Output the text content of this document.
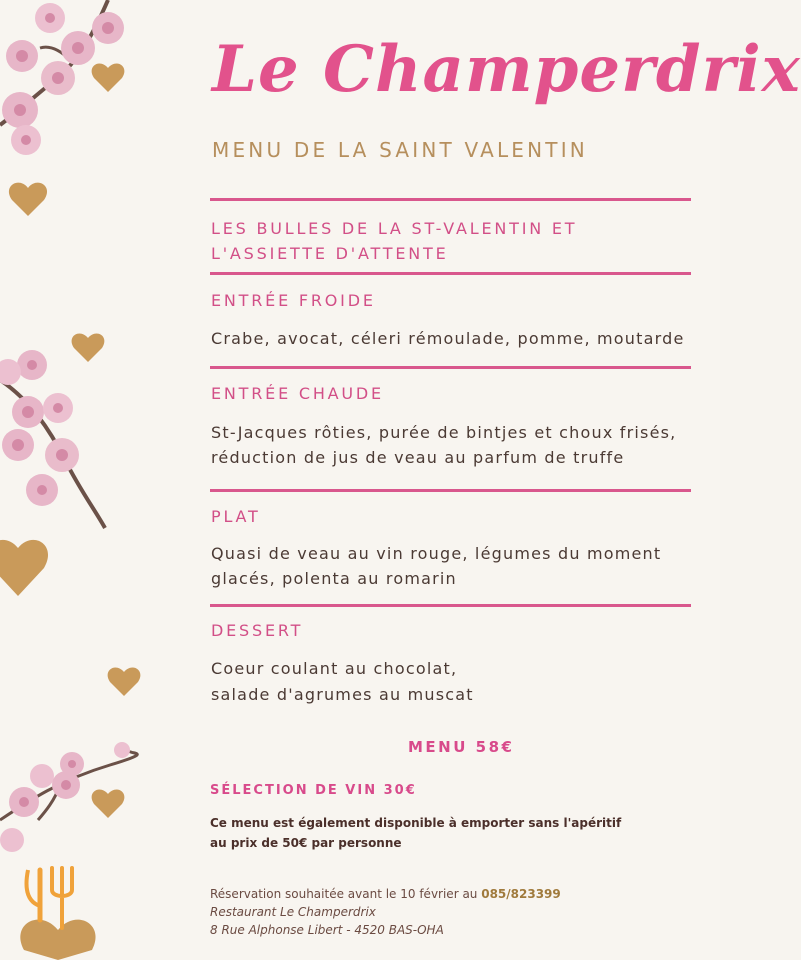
Le Champerdrix
MENU DE LA SAINT VALENTIN
LES BULLES DE LA ST-VALENTIN ET
L'ASSIETTE D'ATTENTE
ENTRÉE FROIDE
Crabe, avocat, céleri rémoulade, pomme, moutarde
ENTRÉE CHAUDE
St-Jacques rôties, purée de bintjes et choux frisés,
réduction de jus de veau au parfum de truffe
PLAT
Quasi de veau au vin rouge, légumes du moment
glacés, polenta au romarin
DESSERT
Coeur coulant au chocolat,
salade d'agrumes au muscat
MENU 58€
SÉLECTION DE VIN 30€
Ce menu est également disponible à emporter sans l'apéritif
au prix de 50€ par personne
Réservation souhaitée avant le 10 février au 085/823399
Restaurant Le Champerdrix
8 Rue Alphonse Libert - 4520 BAS-OHA
